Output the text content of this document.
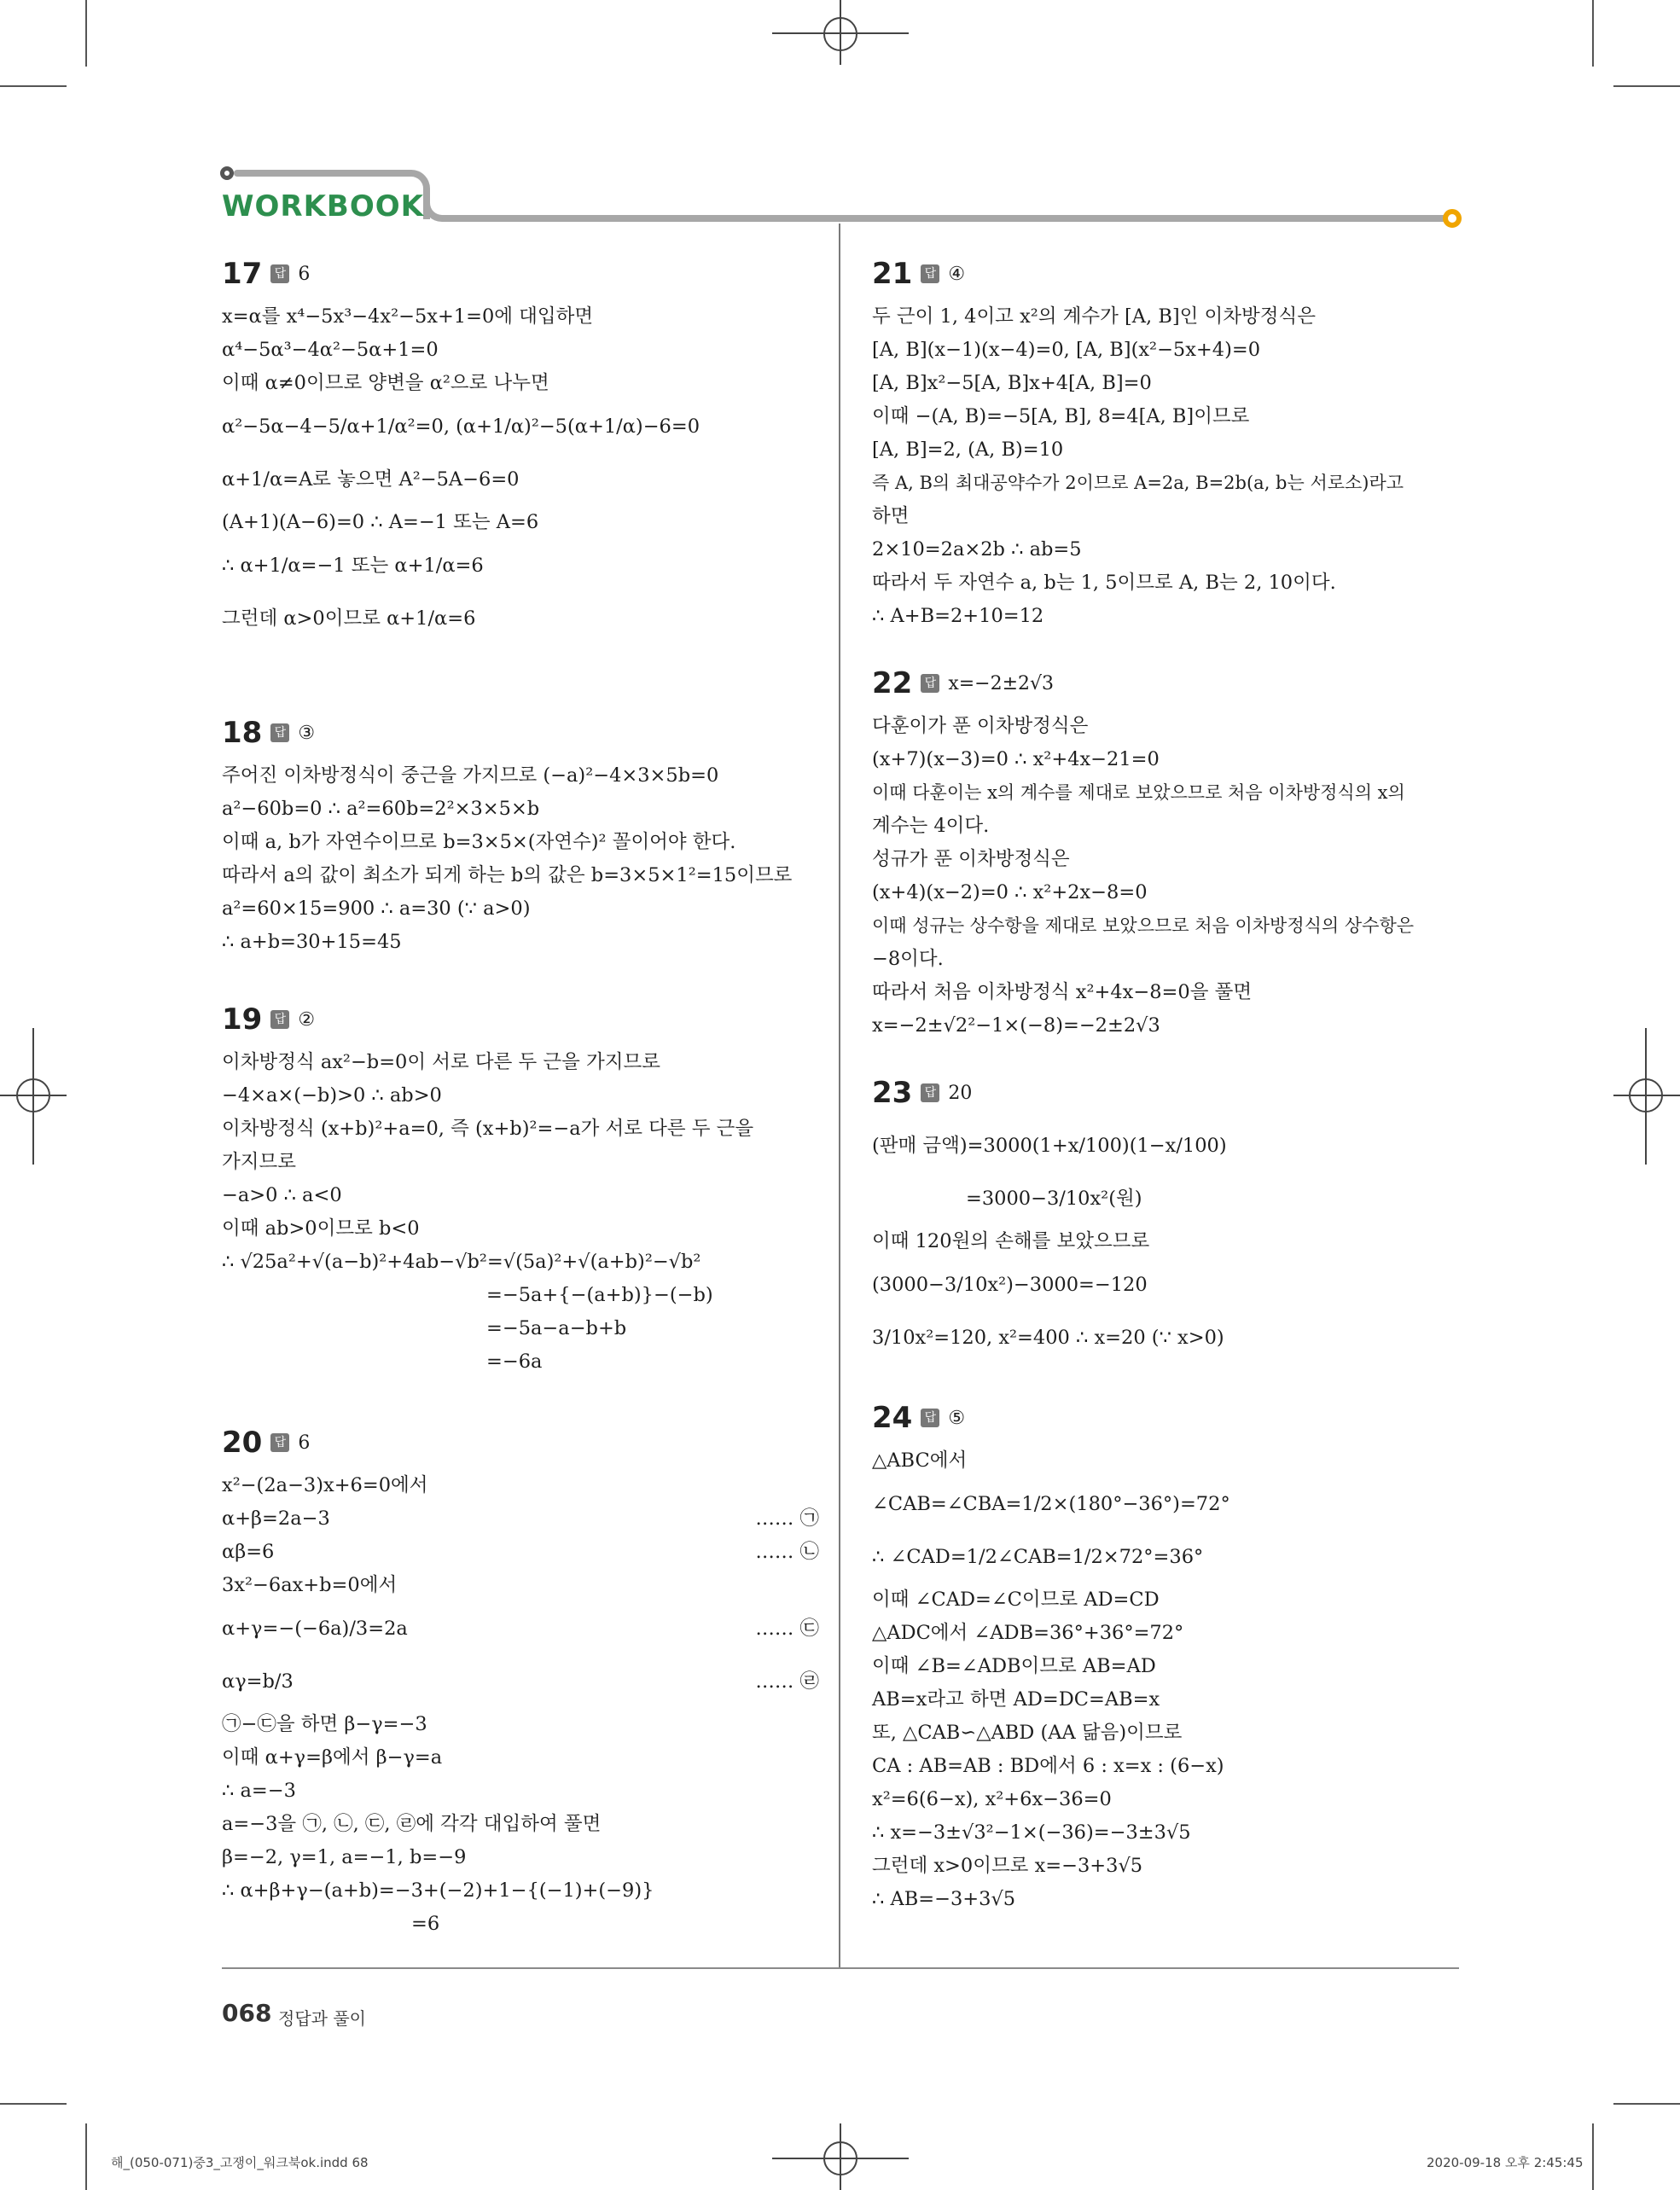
WORKBOOK
17	답 6
x=α를 x⁴−5x³−4x²−5x+1=0에 대입하면
α⁴−5α³−4α²−5α+1=0
이때 α≠0이므로 양변을 α²으로 나누면
α²−5α−4−5/α+1/α²=0, (α+1/α)²−5(α+1/α)−6=0
α+1/α=A로 놓으면 A²−5A−6=0
(A+1)(A−6)=0 ∴ A=−1 또는 A=6
∴ α+1/α=−1 또는 α+1/α=6
그런데 α>0이므로 α+1/α=6
18	답 ③
주어진 이차방정식이 중근을 가지므로 (−a)²−4×3×5b=0
a²−60b=0 ∴ a²=60b=2²×3×5×b
이때 a, b가 자연수이므로 b=3×5×(자연수)² 꼴이어야 한다.
따라서 a의 값이 최소가 되게 하는 b의 값은 b=3×5×1²=15이므로
a²=60×15=900 ∴ a=30 (∵ a>0)
∴ a+b=30+15=45
19	답 ②
이차방정식 ax²−b=0이 서로 다른 두 근을 가지므로
−4×a×(−b)>0 ∴ ab>0
이차방정식 (x+b)²+a=0, 즉 (x+b)²=−a가 서로 다른 두 근을
가지므로
−a>0 ∴ a<0
이때 ab>0이므로 b<0
∴ √25a²+√(a−b)²+4ab−√b²=√(5a)²+√(a+b)²−√b²
=−5a+{−(a+b)}−(−b)
=−5a−a−b+b
=−6a
20	답 6
x²−(2a−3)x+6=0에서
α+β=2a−3	…… ㉠
αβ=6	…… ㉡
3x²−6ax+b=0에서
α+γ=−(−6a)/3=2a	…… ㉢
αγ=b/3	…… ㉣
㉠−㉢을 하면 β−γ=−3
이때 α+γ=β에서 β−γ=a
∴ a=−3
a=−3을 ㉠, ㉡, ㉢, ㉣에 각각 대입하여 풀면
β=−2, γ=1, a=−1, b=−9
∴ α+β+γ−(a+b)=−3+(−2)+1−{(−1)+(−9)}
=6
21	답 ④
두 근이 1, 4이고 x²의 계수가 [A, B]인 이차방정식은
[A, B](x−1)(x−4)=0, [A, B](x²−5x+4)=0
[A, B]x²−5[A, B]x+4[A, B]=0
이때 −(A, B)=−5[A, B], 8=4[A, B]이므로
[A, B]=2, (A, B)=10
즉 A, B의 최대공약수가 2이므로 A=2a, B=2b(a, b는 서로소)라고
하면
2×10=2a×2b ∴ ab=5
따라서 두 자연수 a, b는 1, 5이므로 A, B는 2, 10이다.
∴ A+B=2+10=12
22	답 x=−2±2√3
다훈이가 푼 이차방정식은
(x+7)(x−3)=0 ∴ x²+4x−21=0
이때 다훈이는 x의 계수를 제대로 보았으므로 처음 이차방정식의 x의
계수는 4이다.
성규가 푼 이차방정식은
(x+4)(x−2)=0 ∴ x²+2x−8=0
이때 성규는 상수항을 제대로 보았으므로 처음 이차방정식의 상수항은
−8이다.
따라서 처음 이차방정식 x²+4x−8=0을 풀면
x=−2±√2²−1×(−8)=−2±2√3
23	답 20
(판매 금액)=3000(1+x/100)(1−x/100)
=3000−3/10x²(원)
이때 120원의 손해를 보았으므로
(3000−3/10x²)−3000=−120
3/10x²=120, x²=400 ∴ x=20 (∵ x>0)
24	답 ⑤
△ABC에서
∠CAB=∠CBA=1/2×(180°−36°)=72°
∴ ∠CAD=1/2∠CAB=1/2×72°=36°
이때 ∠CAD=∠C이므로 AD=CD
△ADC에서 ∠ADB=36°+36°=72°
이때 ∠B=∠ADB이므로 AB=AD
AB=x라고 하면 AD=DC=AB=x
또, △CAB∽△ABD (AA 닮음)이므로
CA : AB=AB : BD에서 6 : x=x : (6−x)
x²=6(6−x), x²+6x−36=0
∴ x=−3±√3²−1×(−36)=−3±3√5
그런데 x>0이므로 x=−3+3√5
∴ AB=−3+3√5
068 정답과 풀이
해_(050-071)중3_고쟁이_워크북ok.indd 68	2020-09-18 오후 2:45:45
